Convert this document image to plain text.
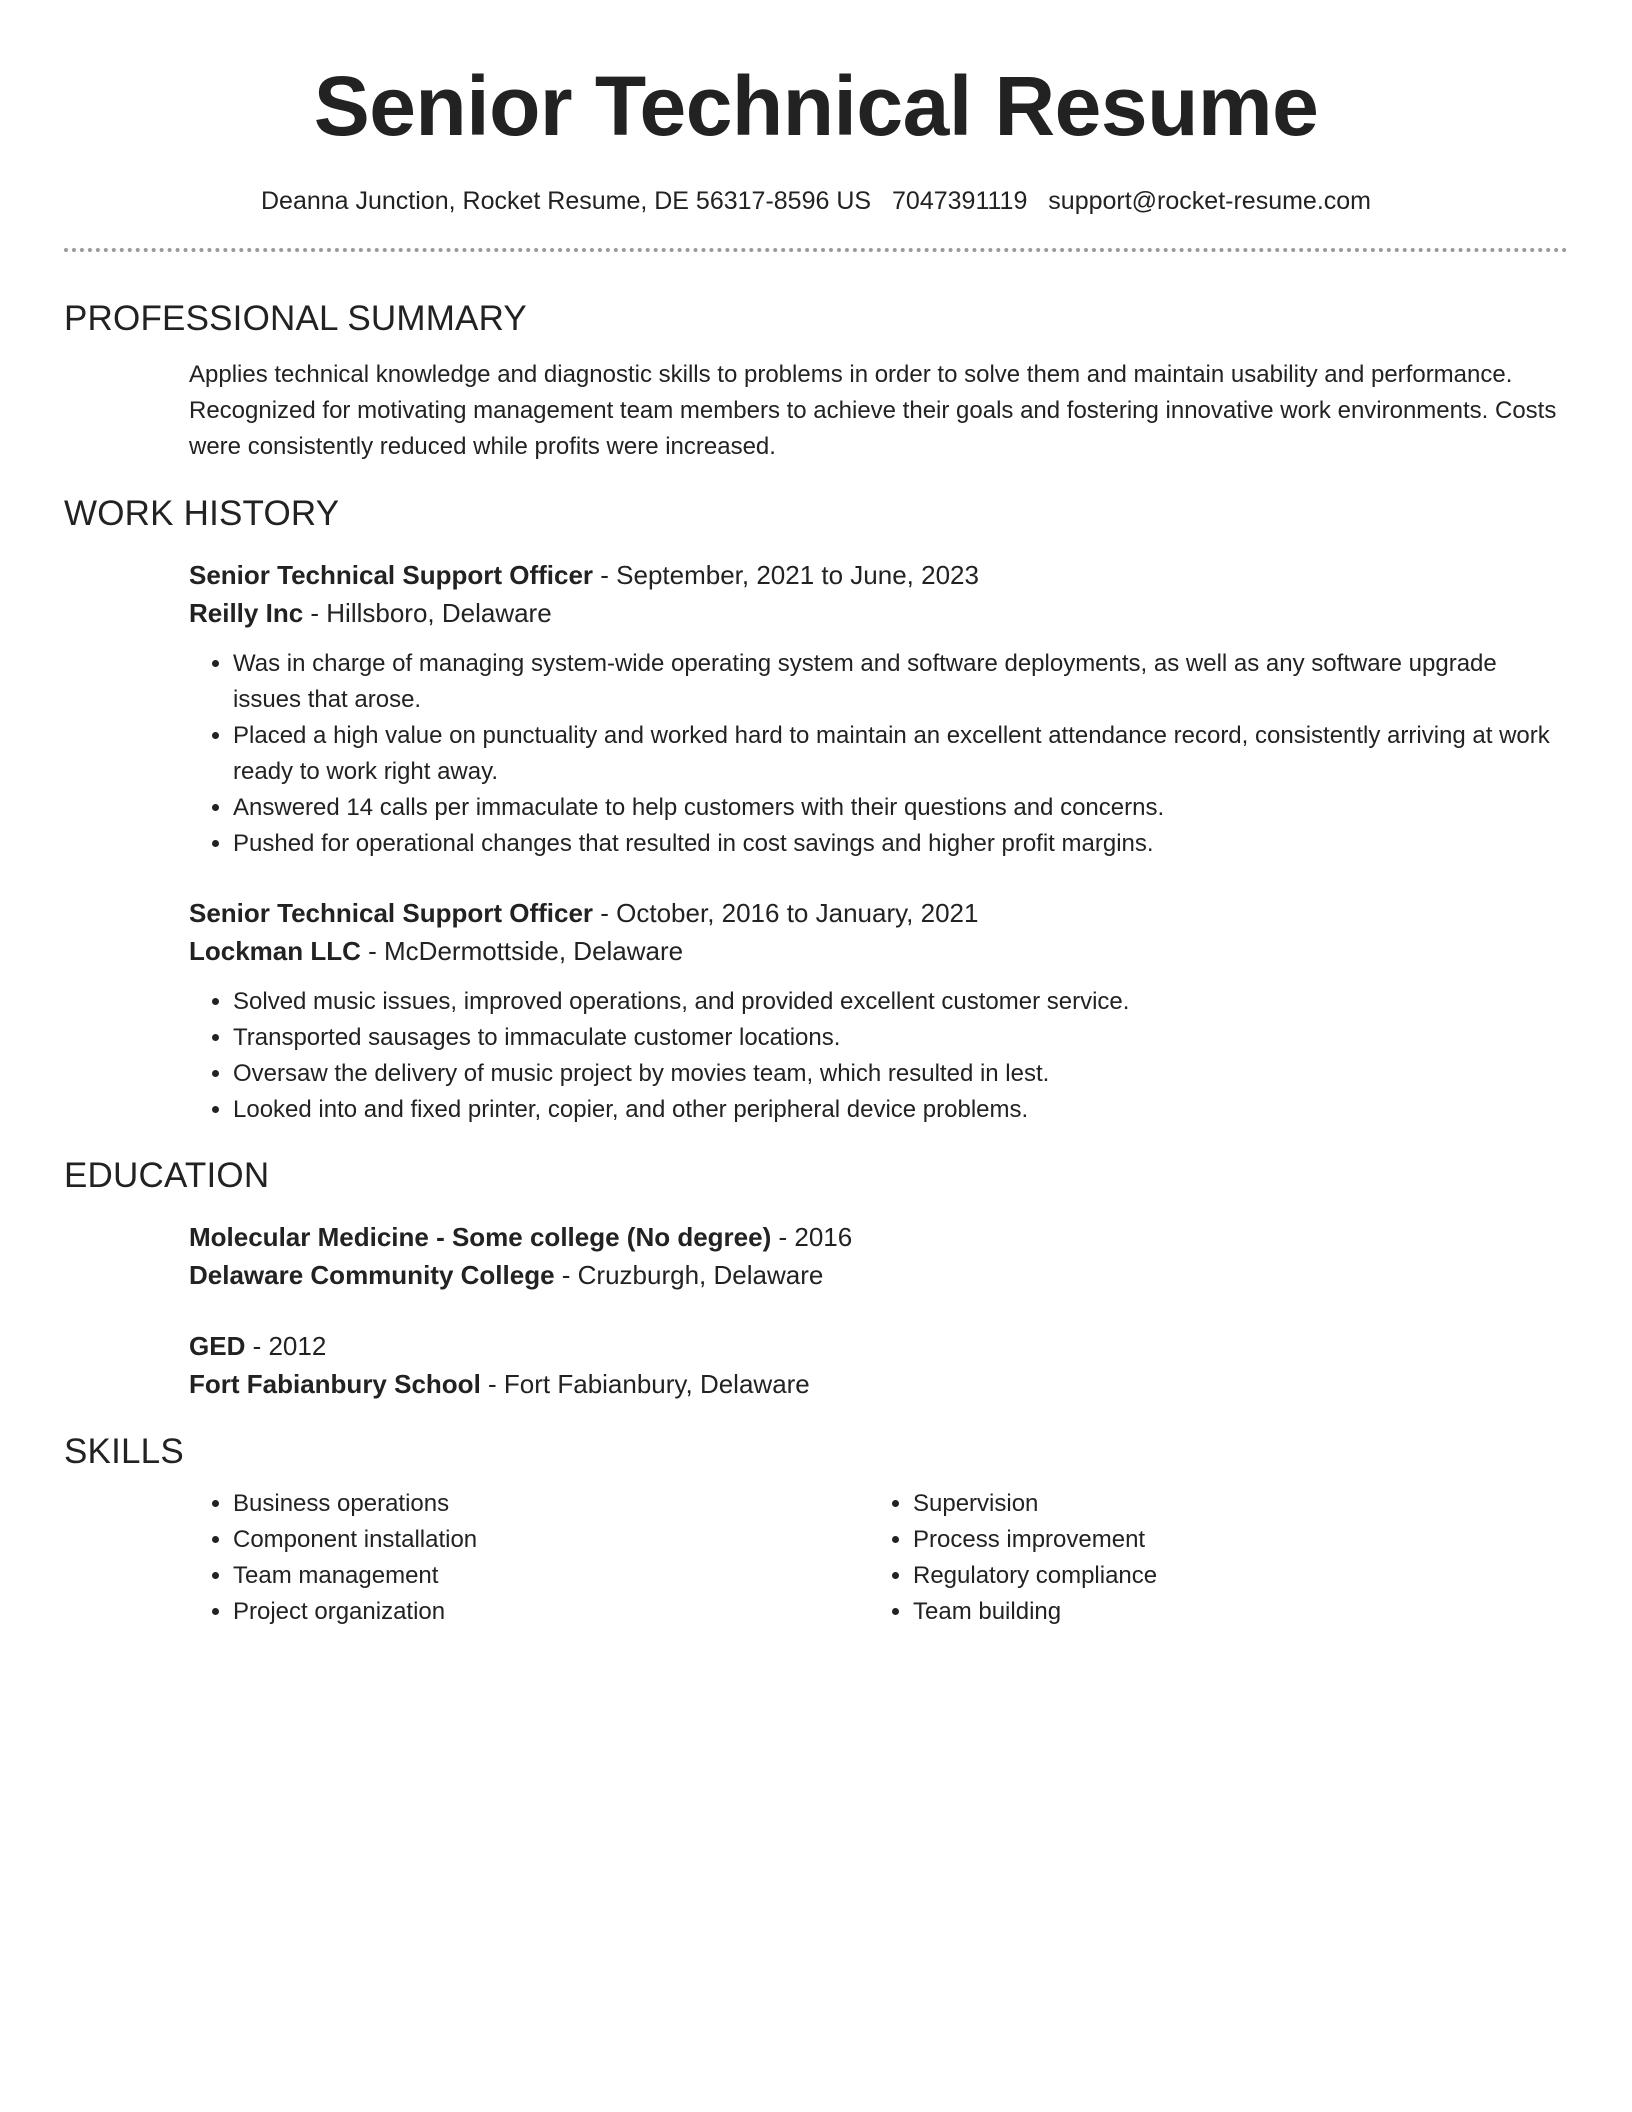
Senior Technical Resume
Deanna Junction, Rocket Resume, DE 56317-8596 US 7047391119 support@rocket-resume.com
PROFESSIONAL SUMMARY

Applies technical knowledge and diagnostic skills to problems in order to solve them and maintain usability and performance. Recognized for motivating management team members to achieve their goals and fostering innovative work environments. Costs were consistently reduced while profits were increased.

WORK HISTORY
Senior Technical Support Officer - September, 2021 to June, 2023
Reilly Inc - Hillsboro, Delaware
• Was in charge of managing system-wide operating system and software deployments, as well as any software upgrade issues that arose.
• Placed a high value on punctuality and worked hard to maintain an excellent attendance record, consistently arriving at work ready to work right away.
• Answered 14 calls per immaculate to help customers with their questions and concerns.
• Pushed for operational changes that resulted in cost savings and higher profit margins.
Senior Technical Support Officer - October, 2016 to January, 2021
Lockman LLC - McDermottside, Delaware
• Solved music issues, improved operations, and provided excellent customer service.
• Transported sausages to immaculate customer locations.
• Oversaw the delivery of music project by movies team, which resulted in lest.
• Looked into and fixed printer, copier, and other peripheral device problems.
EDUCATION
Molecular Medicine - Some college (No degree) - 2016
Delaware Community College - Cruzburgh, Delaware
GED - 2012
Fort Fabianbury School - Fort Fabianbury, Delaware
SKILLS
• Business operations
• Component installation
• Team management
• Project organization
• Supervision
• Process improvement
• Regulatory compliance
• Team building
